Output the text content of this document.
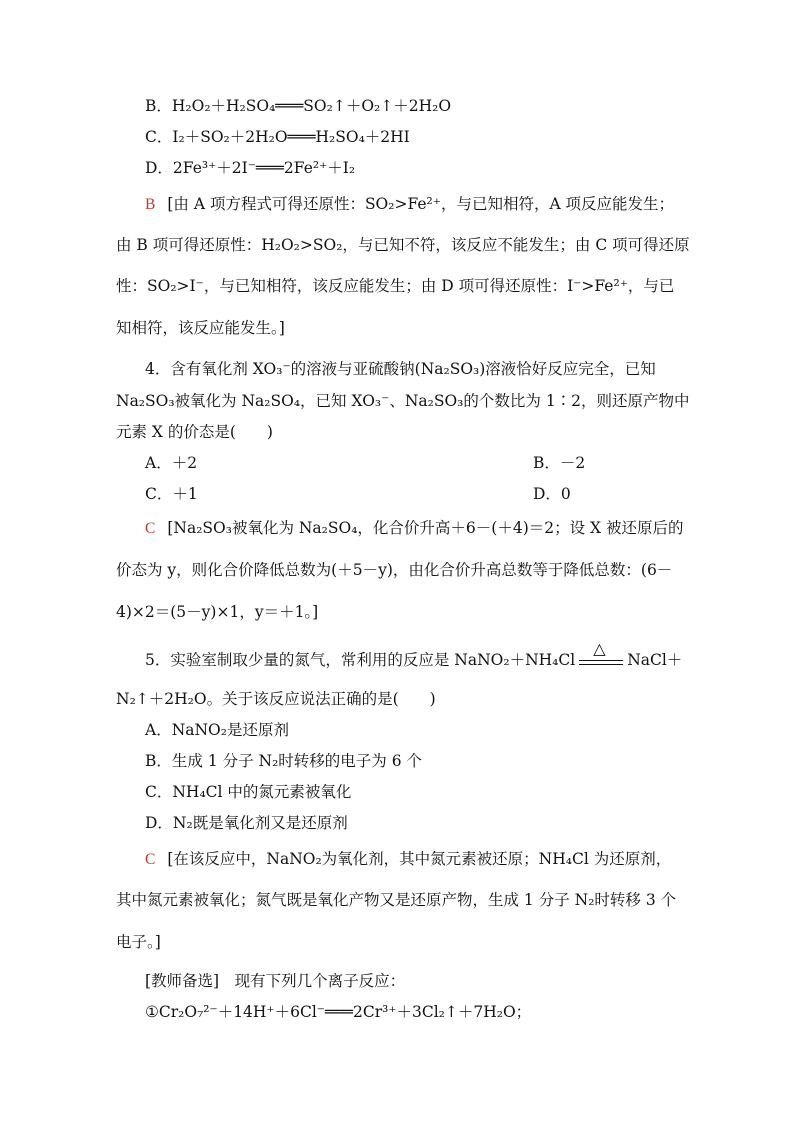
B．H₂O₂＋H₂SO₄═══SO₂↑＋O₂↑＋2H₂O
C．I₂＋SO₂＋2H₂O═══H₂SO₄＋2HI
D．2Fe³⁺＋2I⁻═══2Fe²⁺＋I₂
B [由 A 项方程式可得还原性：SO₂>Fe²⁺，与已知相符，A 项反应能发生；
由 B 项可得还原性：H₂O₂>SO₂，与已知不符，该反应不能发生；由 C 项可得还原
性：SO₂>I⁻，与已知相符，该反应能发生；由 D 项可得还原性：I⁻>Fe²⁺，与已
知相符，该反应能发生。]
4．含有氧化剂 XO₃⁻的溶液与亚硫酸钠(Na₂SO₃)溶液恰好反应完全，已知
Na₂SO₃被氧化为 Na₂SO₄，已知 XO₃⁻、Na₂SO₃的个数比为 1∶2，则还原产物中
元素 X 的价态是(　　)
A．＋2	B．－2
C．＋1	D．0
C [Na₂SO₃被氧化为 Na₂SO₄，化合价升高＋6－(＋4)＝2；设 X 被还原后的
价态为 y，则化合价降低总数为(＋5－y)，由化合价升高总数等于降低总数：(6－
4)×2＝(5－y)×1，y＝＋1。]
5．实验室制取少量的氮气，常利用的反应是 NaNO₂＋NH₄Cl
△
NaCl＋
N₂↑＋2H₂O。关于该反应说法正确的是(　　)
A．NaNO₂是还原剂
B．生成 1 分子 N₂时转移的电子为 6 个
C．NH₄Cl 中的氮元素被氧化
D．N₂既是氧化剂又是还原剂
C [在该反应中，NaNO₂为氧化剂，其中氮元素被还原；NH₄Cl 为还原剂，
其中氮元素被氧化；氮气既是氧化产物又是还原产物，生成 1 分子 N₂时转移 3 个
电子。]
[教师备选]　现有下列几个离子反应：
①Cr₂O₇²⁻＋14H⁺＋6Cl⁻═══2Cr³⁺＋3Cl₂↑＋7H₂O；
